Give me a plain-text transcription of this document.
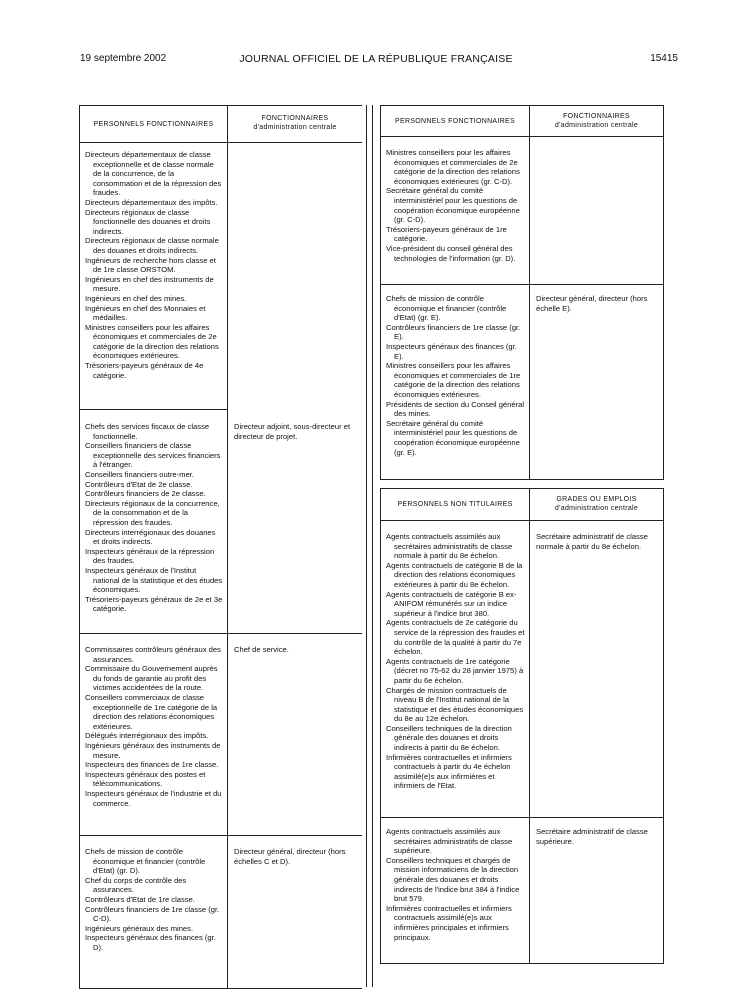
19 septembre 2002	JOURNAL OFFICIEL DE LA RÉPUBLIQUE FRANÇAISE	15415
PERSONNELS FONCTIONNAIRES
FONCTIONNAIRES
d'administration centrale

Directeurs départementaux de classe exceptionnelle et de classe normale de la concurrence, de la consommation et de la répression des fraudes.

Directeurs départementaux des impôts.

Directeurs régionaux de classe fonctionnelle des douanes et droits indirects.

Directeurs régionaux de classe normale des douanes et droits indirects.

Ingénieurs de recherche hors classe et de 1re classe ORSTOM.

Ingénieurs en chef des instruments de mesure.

Ingénieurs en chef des mines.

Ingénieurs en chef des Monnaies et médailles.

Ministres conseillers pour les affaires économiques et commerciales de 2e catégorie de la direction des relations économiques extérieures.

Trésoriers-payeurs généraux de 4e catégorie.

Chefs des services fiscaux de classe fonctionnelle.

Conseillers financiers de classe exceptionnelle des services financiers à l'étranger.

Conseillers financiers outre-mer.

Contrôleurs d'Etat de 2e classe.

Contrôleurs financiers de 2e classe.

Directeurs régionaux de la concurrence, de la consommation et de la répression des fraudes.

Directeurs interrégionaux des douanes et droits indirects.

Inspecteurs généraux de la répression des fraudes.

Inspecteurs généraux de l'Institut national de la statistique et des études économiques.

Trésoriers-payeurs généraux de 2e et 3e catégorie.

Directeur adjoint, sous-directeur et directeur de projet.

Commissaires contrôleurs généraux des assurances.

Commissaire du Gouvernement auprès du fonds de garantie au profit des victimes accidentées de la route.

Conseillers commerciaux de classe exceptionnelle de 1re catégorie de la direction des relations économiques extérieures.

Délégués interrégionaux des impôts.

Ingénieurs généraux des instruments de mesure.

Inspecteurs des finances de 1re classe.

Inspecteurs généraux des postes et télécommunications.

Inspecteurs généraux de l'industrie et du commerce.

Chef de service.

Chefs de mission de contrôle économique et financier (contrôle d'Etat) (gr. D).

Chef du corps de contrôle des assurances.

Contrôleurs d'Etat de 1re classe.

Contrôleurs financiers de 1re classe (gr. C-D).

Ingénieurs généraux des mines.

Inspecteurs généraux des finances (gr. D).

Directeur général, directeur (hors échelles C et D).
PERSONNELS FONCTIONNAIRES
FONCTIONNAIRES
d'administration centrale

Ministres conseillers pour les affaires économiques et commerciales de 2e catégorie de la direction des relations économiques extérieures (gr. C-D).

Secrétaire général du comité interministériel pour les questions de coopération économique européenne (gr. C-D).

Trésoriers-payeurs généraux de 1re catégorie.

Vice-président du conseil général des technologies de l'information (gr. D).

Chefs de mission de contrôle économique et financier (contrôle d'Etat) (gr. E).

Contrôleurs financiers de 1re classe (gr. E).

Inspecteurs généraux des finances (gr. E).

Ministres conseillers pour les affaires économiques et commerciales de 1re catégorie de la direction des relations économiques extérieures.

Présidents de section du Conseil général des mines.

Secrétaire général du comité interministériel pour les questions de coopération économique européenne (gr. E).

Directeur général, directeur (hors échelle E).
PERSONNELS NON TITULAIRES
GRADES OU EMPLOIS
d'administration centrale

Agents contractuels assimilés aux secrétaires administratifs de classe normale à partir du 8e échelon.

Agents contractuels de catégorie B de la direction des relations économiques extérieures à partir du 8e échelon.

Agents contractuels de catégorie B ex-ANIFOM rémunérés sur un indice supérieur à l'indice brut 380.

Agents contractuels de 2e catégorie du service de la répression des fraudes et du contrôle de la qualité à partir du 7e échelon.

Agents contractuels de 1re catégorie (décret no 75-62 du 28 janvier 1975) à partir du 6e échelon.

Chargés de mission contractuels de niveau B de l'Institut national de la statistique et des études économiques du 8e au 12e échelon.

Conseillers techniques de la direction générale des douanes et droits indirects à partir du 8e échelon.

Infirmières contractuelles et infirmiers contractuels à partir du 4e échelon assimilé(e)s aux infirmières et infirmiers de l'Etat.

Secrétaire administratif de classe normale à partir du 8e échelon.

Agents contractuels assimilés aux secrétaires administratifs de classe supérieure.

Conseillers techniques et chargés de mission informaticiens de la direction générale des douanes et droits indirects de l'indice brut 384 à l'indice brut 579.

Infirmières contractuelles et infirmiers contractuels assimilé(e)s aux infirmières principales et infirmiers principaux.

Secrétaire administratif de classe supérieure.
